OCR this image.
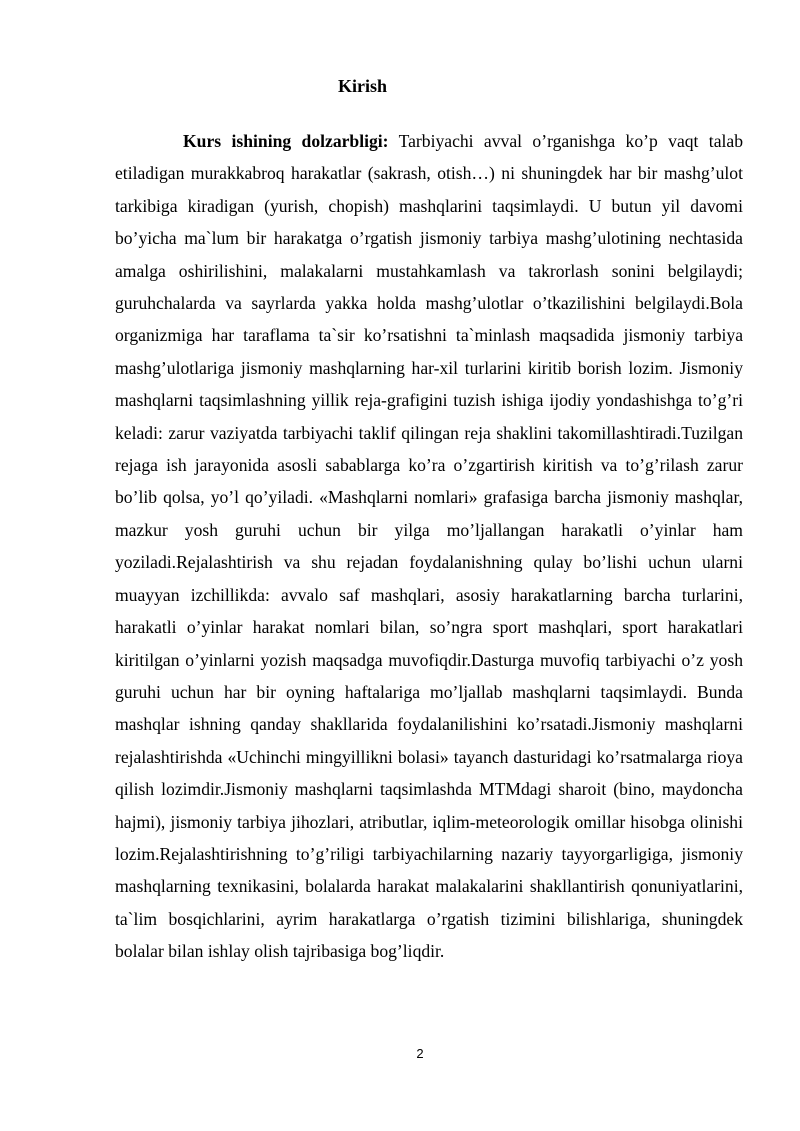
Kirish

Kurs ishining dolzarbligi: Tarbiyachi avval o’rganishga ko’p vaqt talab etiladigan murakkabroq harakatlar (sakrash, otish…) ni shuningdek har bir mashg’ulot tarkibiga kiradigan (yurish, chopish) mashqlarini taqsimlaydi. U butun yil davomi bo’yicha ma`lum bir harakatga o’rgatish jismoniy tarbiya mashg’ulotining nechtasida amalga oshirilishini, malakalarni mustahkamlash va takrorlash sonini belgilaydi; guruhchalarda va sayrlarda yakka holda mashg’ulotlar o’tkazilishini belgilaydi.Bola organizmiga har taraflama ta`sir ko’rsatishni ta`minlash maqsadida jismoniy tarbiya mashg’ulotlariga jismoniy mashqlarning har-xil turlarini kiritib borish lozim. Jismoniy mashqlarni taqsimlashning yillik reja-grafigini tuzish ishiga ijodiy yondashishga to’g’ri keladi: zarur vaziyatda tarbiyachi taklif qilingan reja shaklini takomillashtiradi.Tuzilgan rejaga ish jarayonida asosli sabablarga ko’ra o’zgartirish kiritish va to’g’rilash zarur bo’lib qolsa, yo’l qo’yiladi. «Mashqlarni nomlari» grafasiga barcha jismoniy mashqlar, mazkur yosh guruhi uchun bir yilga mo’ljallangan harakatli o’yinlar ham yoziladi.Rejalashtirish va shu rejadan foydalanishning qulay bo’lishi uchun ularni muayyan izchillikda: avvalo saf mashqlari, asosiy harakatlarning barcha turlarini, harakatli o’yinlar harakat nomlari bilan, so’ngra sport mashqlari, sport harakatlari kiritilgan o’yinlarni yozish maqsadga muvofiqdir.Dasturga muvofiq tarbiyachi o’z yosh guruhi uchun har bir oyning haftalariga mo’ljallab mashqlarni taqsimlaydi. Bunda mashqlar ishning qanday shakllarida foydalanilishini ko’rsatadi.Jismoniy mashqlarni rejalashtirishda «Uchinchi mingyillikni bolasi» tayanch dasturidagi ko’rsatmalarga rioya qilish lozimdir.Jismoniy mashqlarni taqsimlashda MTMdagi sharoit (bino, maydoncha hajmi), jismoniy tarbiya jihozlari, atributlar, iqlim-meteorologik omillar hisobga olinishi lozim.Rejalashtirishning to’g’riligi tarbiyachilarning nazariy tayyorgarligiga, jismoniy mashqlarning texnikasini, bolalarda harakat malakalarini shakllantirish qonuniyatlarini, ta`lim bosqichlarini, ayrim harakatlarga o’rgatish tizimini bilishlariga, shuningdek bolalar bilan ishlay olish tajribasiga bog’liqdir.

2
